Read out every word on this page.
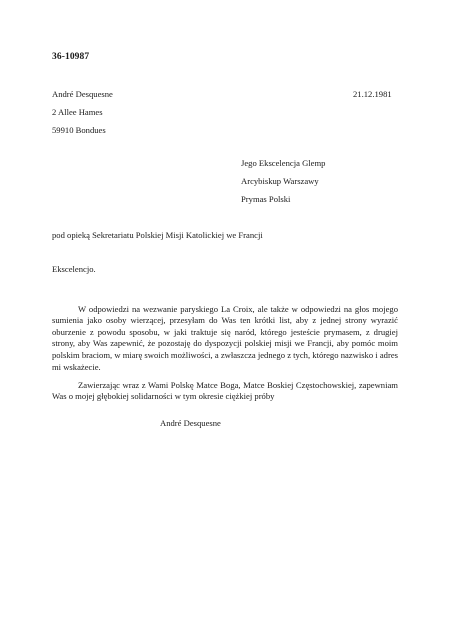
36-10987
André Desquesne	21.12.1981
2 Allee Hames
59910 Bondues
Jego Ekscelencja Glemp
Arcybiskup Warszawy
Prymas Polski
pod opieką Sekretariatu Polskiej Misji Katolickiej we Francji
Ekscelencjo.

W odpowiedzi na wezwanie paryskiego La Croix, ale także w odpowiedzi na głos mojego sumienia jako osoby wierzącej, przesyłam do Was ten krótki list, aby z jednej strony wyrazić oburzenie z powodu sposobu, w jaki traktuje się naród, którego jesteście prymasem, z drugiej strony, aby Was zapewnić, że pozostaję do dyspozycji polskiej misji we Francji, aby pomóc moim polskim braciom, w miarę swoich możliwości, a zwłaszcza jednego z tych, którego nazwisko i adres mi wskażecie.

Zawierzając wraz z Wami Polskę Matce Boga, Matce Boskiej Częstochowskiej, zapewniam Was o mojej głębokiej solidarności w tym okresie ciężkiej próby

André Desquesne
